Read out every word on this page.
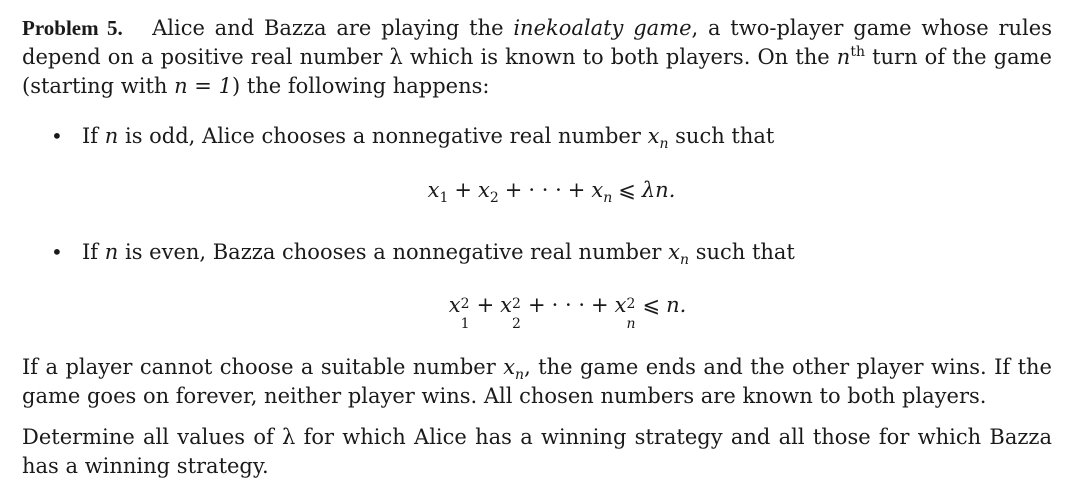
Problem 5. Alice and Bazza are playing the inekoalaty game, a two-player game whose rules depend on a positive real number λ which is known to both players. On the $n^{th}$ turn of the game (starting with n = 1) the following happens:
• If n is odd, Alice chooses a nonnegative real number $x_n$ such that
$x_1 + x_2$ + · · · + $x_n$ ⩽ λn.
• If n is even, Bazza chooses a nonnegative real number $x_n$ such that
x 2
1
+ x 2
2
+ · · · + x 2
n
⩽ n.
If a player cannot choose a suitable number $x_n$, the game ends and the other player wins. If the game goes on forever, neither player wins. All chosen numbers are known to both players.
Determine all values of λ for which Alice has a winning strategy and all those for which Bazza has a winning strategy.
